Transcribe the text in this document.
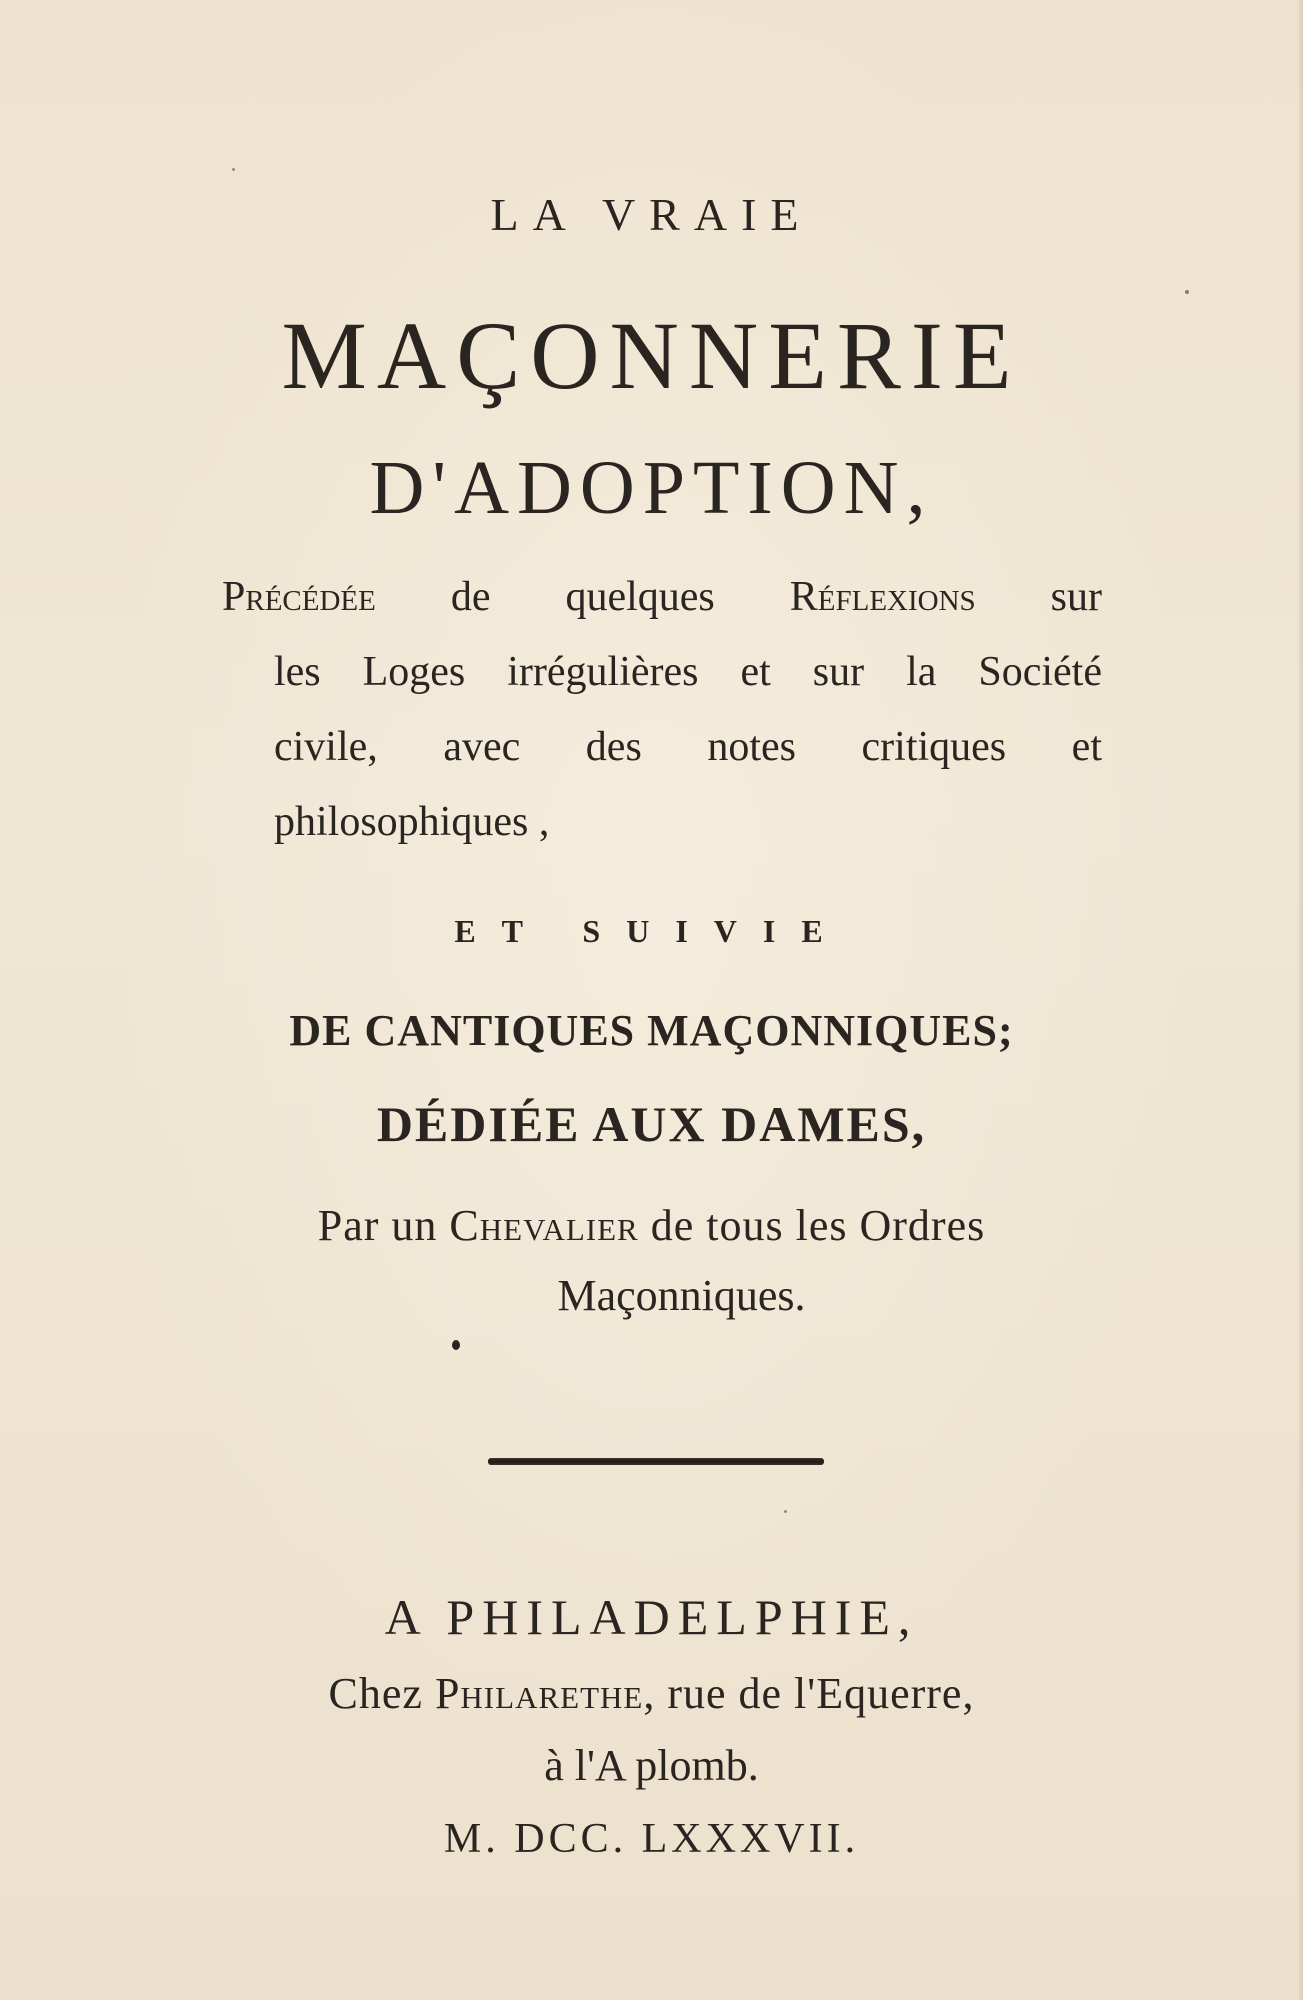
LA VRAIE
MAÇONNERIE
D'ADOPTION,
Précédée de quelques Réflexions sur
les Loges irrégulières et sur la Société
civile, avec des notes critiques et
philosophiques ,
ET SUIVIE
DE CANTIQUES MAÇONNIQUES;
DÉDIÉE AUX DAMES,
Par un Chevalier de tous les Ordres
Maçonniques.
A PHILADELPHIE,
Chez Philarethe, rue de l'Equerre,
à l'A plomb.
M. DCC. LXXXVII.
